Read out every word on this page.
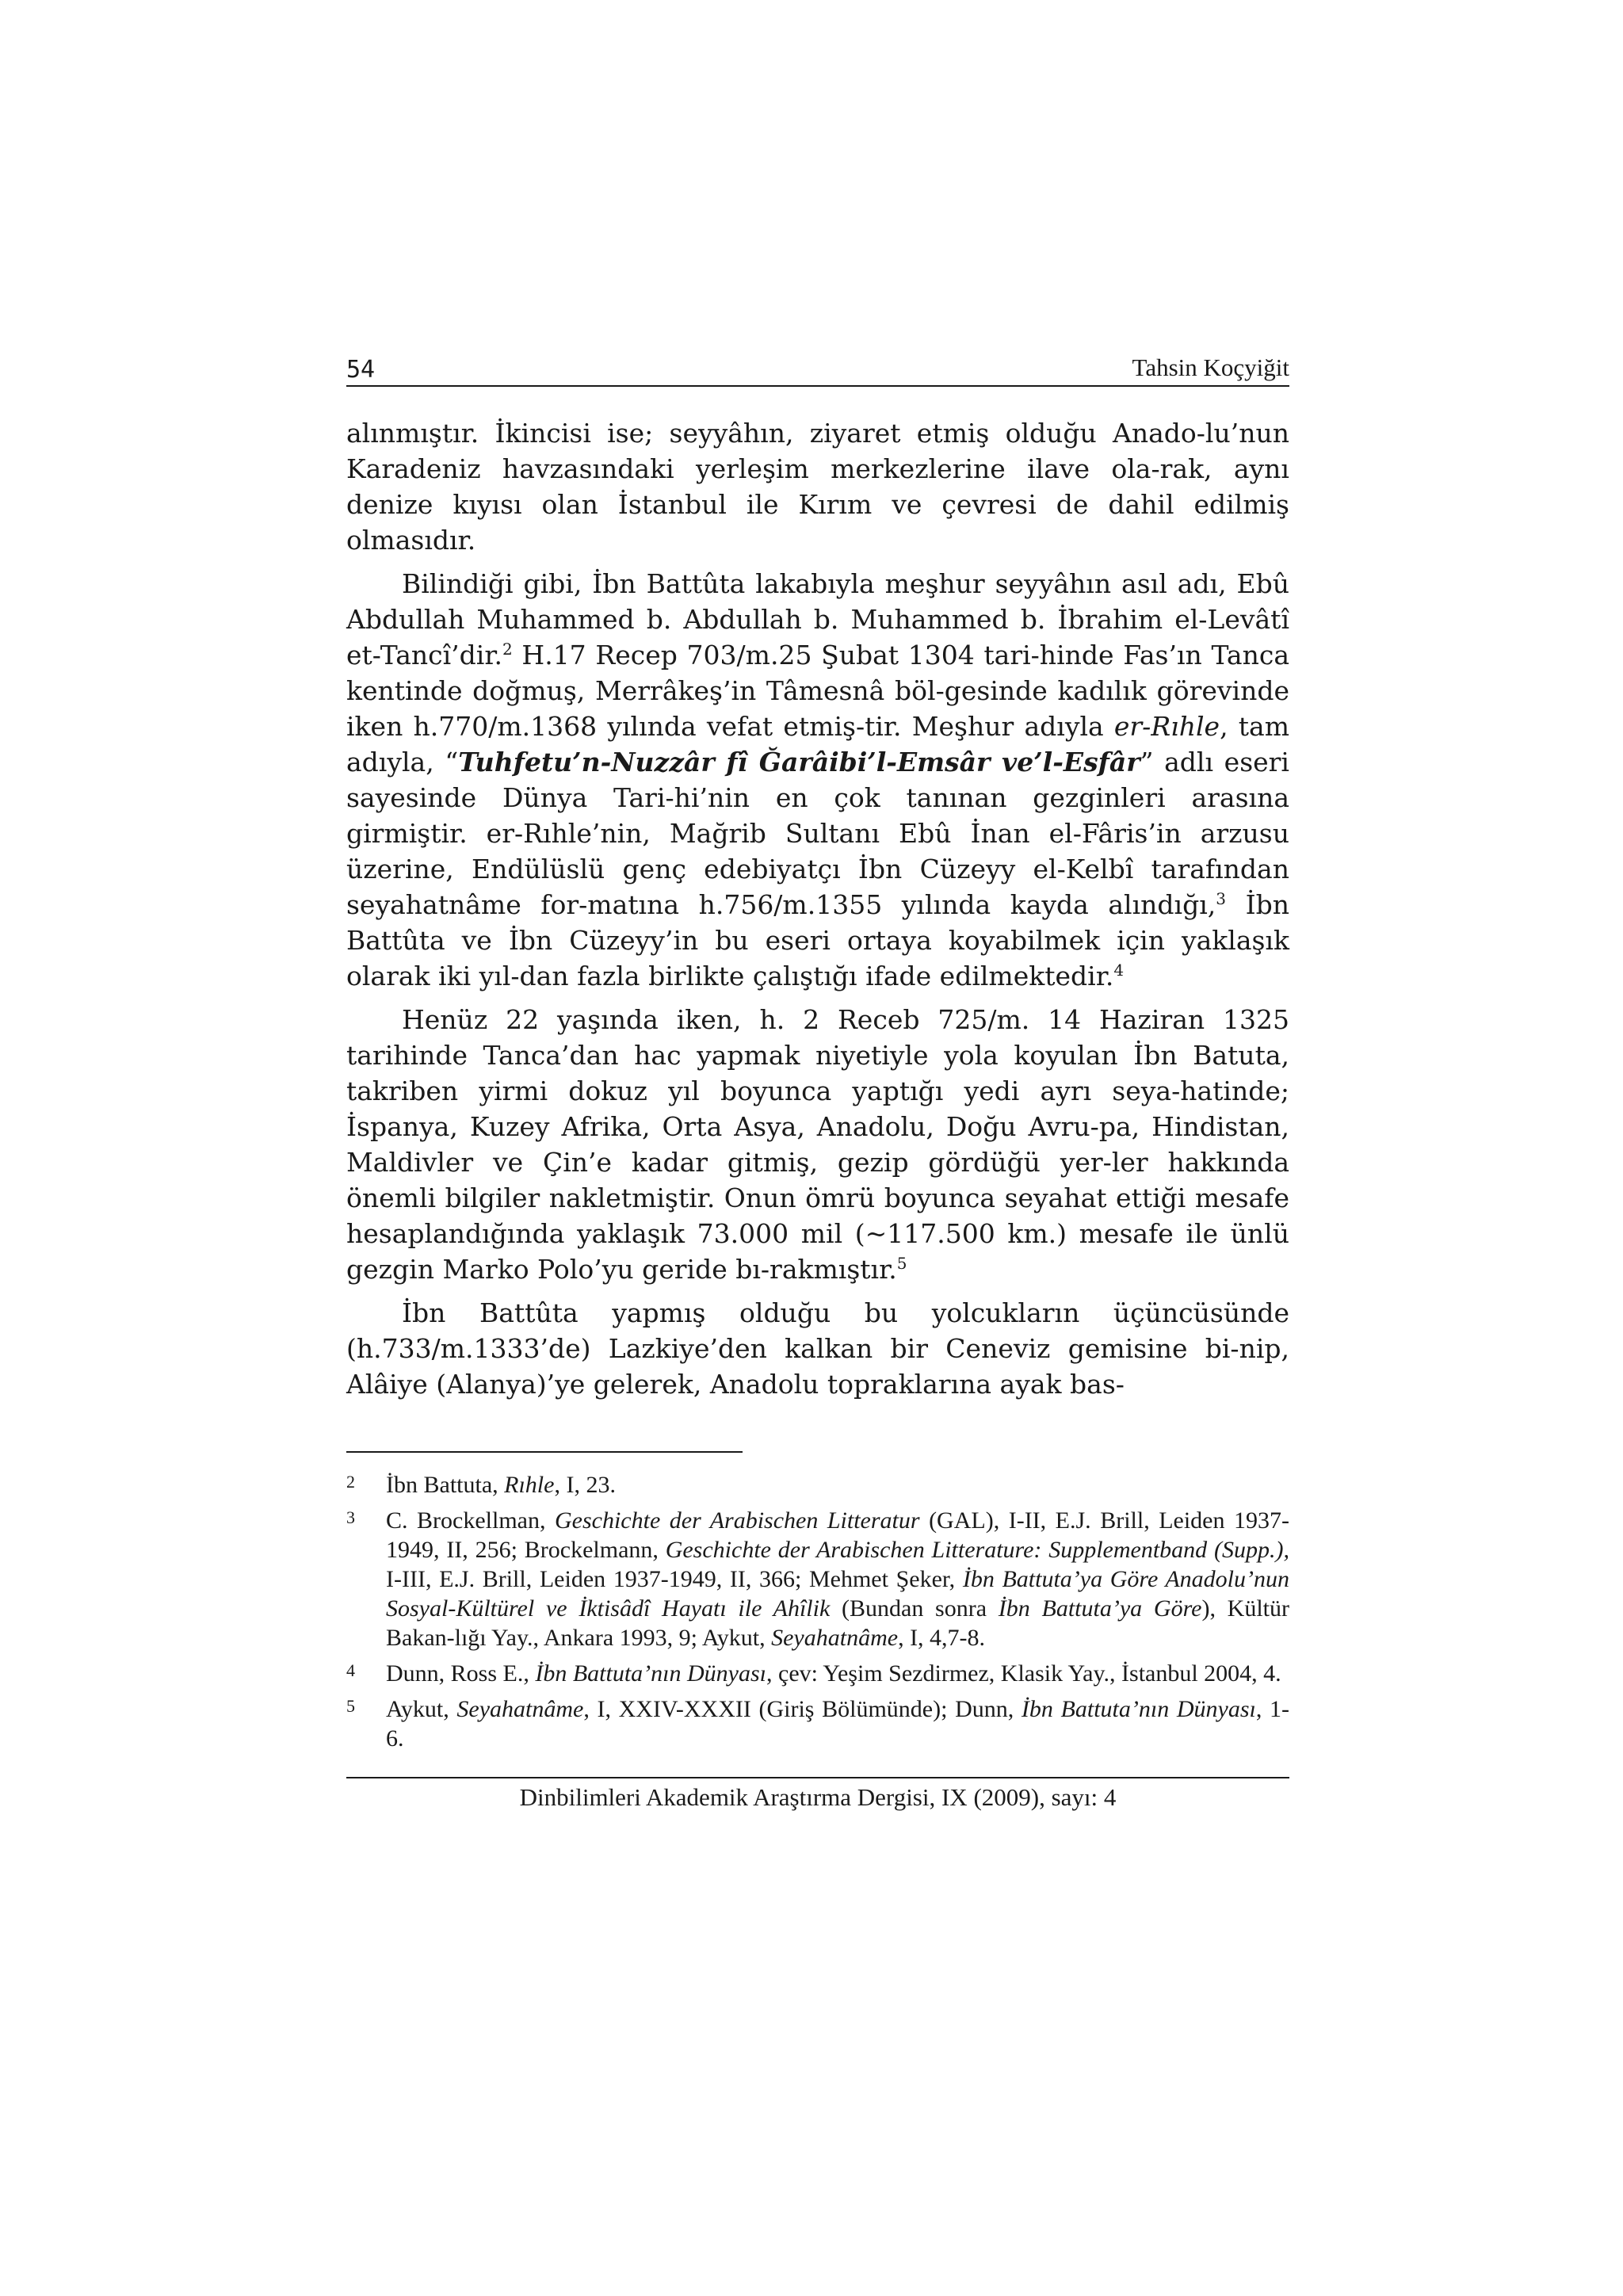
54	Tahsin Koçyiğit

alınmıştır. İkincisi ise; seyyâhın, ziyaret etmiş olduğu Anado-lu’nun Karadeniz havzasındaki yerleşim merkezlerine ilave ola-rak, aynı denize kıyısı olan İstanbul ile Kırım ve çevresi de dahil edilmiş olmasıdır.

Bilindiği gibi, İbn Battûta lakabıyla meşhur seyyâhın asıl adı, Ebû Abdullah Muhammed b. Abdullah b. Muhammed b. İbrahim el-Levâtî et-Tancî’dir.$^2$ H.17 Recep 703/m.25 Şubat 1304 tari-hinde Fas’ın Tanca kentinde doğmuş, Merrâkeş’in Tâmesnâ böl-gesinde kadılık görevinde iken h.770/m.1368 yılında vefat etmiş-tir. Meşhur adıyla er-Rıhle, tam adıyla, “Tuhfetu’n-Nuzzâr fî Ğarâibi’l-Emsâr ve’l-Esfâr” adlı eseri sayesinde Dünya Tari-hi’nin en çok tanınan gezginleri arasına girmiştir. er-Rıhle’nin, Mağrib Sultanı Ebû İnan el-Fâris’in arzusu üzerine, Endülüslü genç edebiyatçı İbn Cüzeyy el-Kelbî tarafından seyahatnâme for-matına h.756/m.1355 yılında kayda alındığı,$^3$ İbn Battûta ve İbn Cüzeyy’in bu eseri ortaya koyabilmek için yaklaşık olarak iki yıl-dan fazla birlikte çalıştığı ifade edilmektedir.$^4$

Henüz 22 yaşında iken, h. 2 Receb 725/m. 14 Haziran 1325 tarihinde Tanca’dan hac yapmak niyetiyle yola koyulan İbn Batuta, takriben yirmi dokuz yıl boyunca yaptığı yedi ayrı seya-hatinde; İspanya, Kuzey Afrika, Orta Asya, Anadolu, Doğu Avru-pa, Hindistan, Maldivler ve Çin’e kadar gitmiş, gezip gördüğü yer-ler hakkında önemli bilgiler nakletmiştir. Onun ömrü boyunca seyahat ettiği mesafe hesaplandığında yaklaşık 73.000 mil (~117.500 km.) mesafe ile ünlü gezgin Marko Polo’yu geride bı-rakmıştır.$^5$

İbn Battûta yapmış olduğu bu yolcukların üçüncüsünde (h.733/m.1333’de) Lazkiye’den kalkan bir Ceneviz gemisine bi-nip, Alâiye (Alanya)’ye gelerek, Anadolu topraklarına ayak bas-

2	İbn Battuta, Rıhle, I, 23.
3	C. Brockellman, Geschichte der Arabischen Litteratur (GAL), I-II, E.J. Brill, Leiden 1937-1949, II, 256; Brockelmann, Geschichte der Arabischen Litterature: Supplementband (Supp.), I-III, E.J. Brill, Leiden 1937-1949, II, 366; Mehmet Şeker, İbn Battuta’ya Göre Anadolu’nun Sosyal-Kültürel ve İktisâdî Hayatı ile Ahîlik (Bundan sonra İbn Battuta’ya Göre), Kültür Bakan-lığı Yay., Ankara 1993, 9; Aykut, Seyahatnâme, I, 4,7-8.
4	Dunn, Ross E., İbn Battuta’nın Dünyası, çev: Yeşim Sezdirmez, Klasik Yay., İstanbul 2004, 4.
5	Aykut, Seyahatnâme, I, XXIV-XXXII (Giriş Bölümünde); Dunn, İbn Battuta’nın Dünyası, 1-6.
Dinbilimleri Akademik Araştırma Dergisi, IX (2009), sayı: 4
